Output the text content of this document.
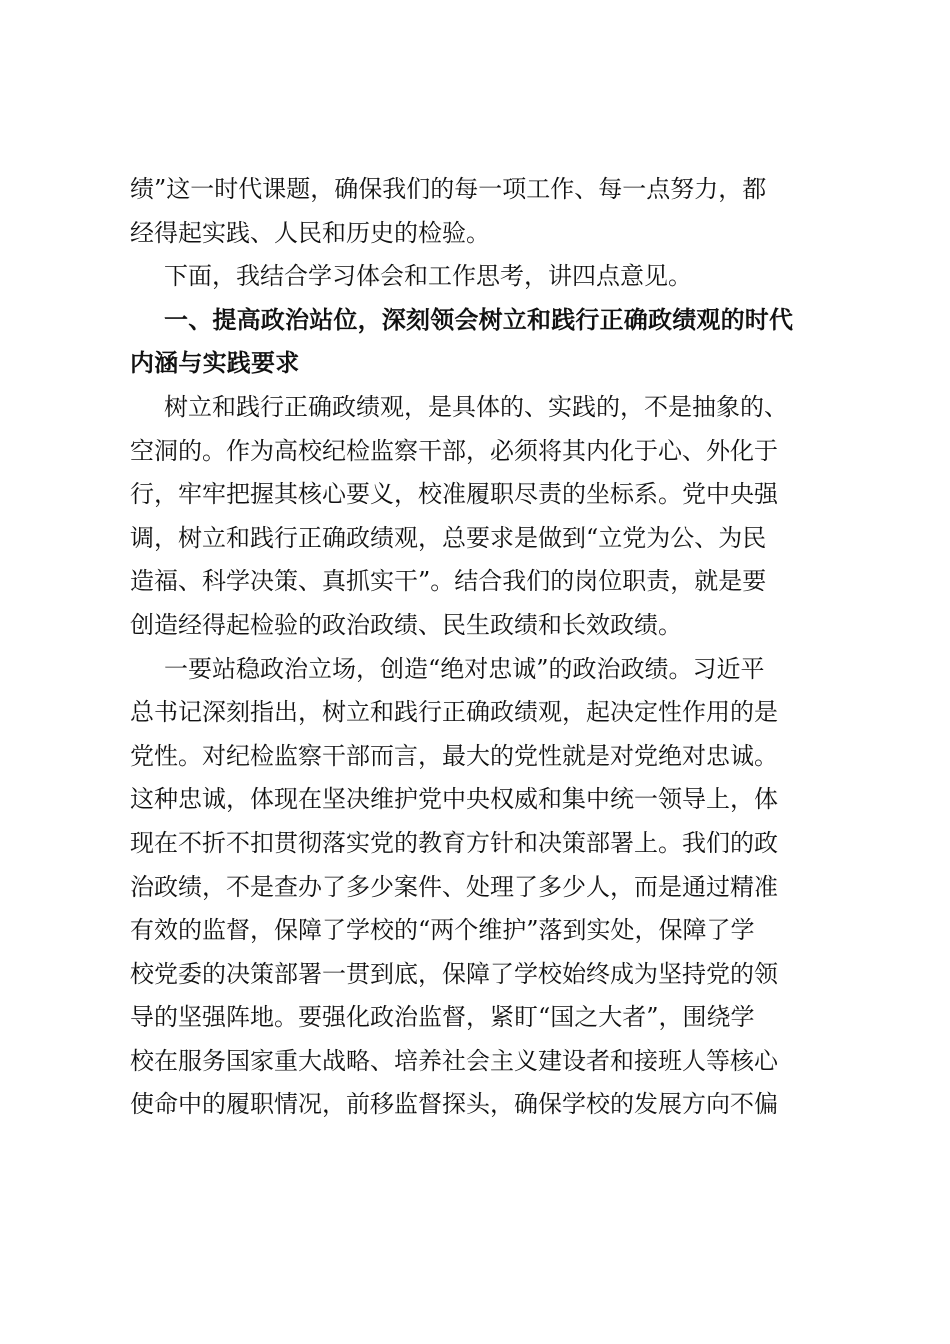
绩”这一时代课题，确保我们的每一项工作、每一点努力，都
经得起实践、人民和历史的检验。

下面，我结合学习体会和工作思考，讲四点意见。

一、提高政治站位，深刻领会树立和践行正确政绩观的时代
内涵与实践要求

树立和践行正确政绩观，是具体的、实践的，不是抽象的、
空洞的。作为高校纪检监察干部，必须将其内化于心、外化于
行，牢牢把握其核心要义，校准履职尽责的坐标系。党中央强
调，树立和践行正确政绩观，总要求是做到“立党为公、为民
造福、科学决策、真抓实干”。结合我们的岗位职责，就是要
创造经得起检验的政治政绩、民生政绩和长效政绩。

一要站稳政治立场，创造“绝对忠诚”的政治政绩。习近平
总书记深刻指出，树立和践行正确政绩观，起决定性作用的是
党性。对纪检监察干部而言，最大的党性就是对党绝对忠诚。
这种忠诚，体现在坚决维护党中央权威和集中统一领导上，体
现在不折不扣贯彻落实党的教育方针和决策部署上。我们的政
治政绩，不是查办了多少案件、处理了多少人，而是通过精准
有效的监督，保障了学校的“两个维护”落到实处，保障了学
校党委的决策部署一贯到底，保障了学校始终成为坚持党的领
导的坚强阵地。要强化政治监督，紧盯“国之大者”，围绕学
校在服务国家重大战略、培养社会主义建设者和接班人等核心
使命中的履职情况，前移监督探头，确保学校的发展方向不偏
